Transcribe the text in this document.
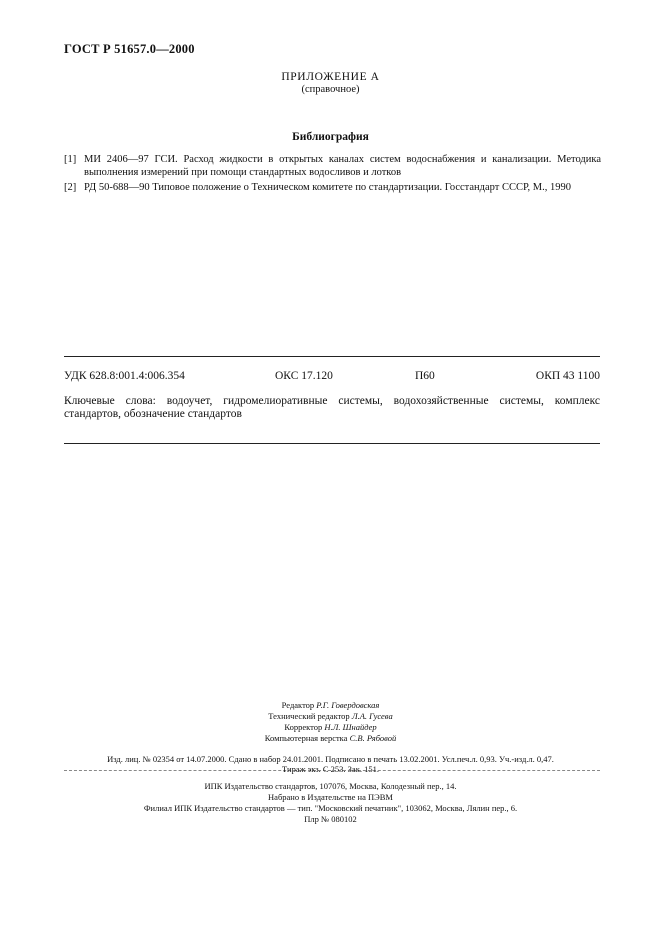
ГОСТ Р 51657.0—2000
ПРИЛОЖЕНИЕ А
(справочное)
Библиография
[1] МИ 2406—97 ГСИ. Расход жидкости в открытых каналах систем водоснабжения и канализации. Методика выполнения измерений при помощи стандартных водосливов и лотков
[2] РД 50-688—90 Типовое положение о Техническом комитете по стандартизации. Госстандарт СССР, М., 1990
УДК 628.8:001.4:006.354	ОКС 17.120	П60	ОКП 43 1100
Ключевые слова: водоучет, гидромелиоративные системы, водохозяйственные системы, комплекс стандартов, обозначение стандартов
Редактор Р.Г. Говердовская
Технический редактор Л.А. Гусева
Корректор Н.Л. Шнайдер
Компьютерная верстка С.В. Рябовой
Изд. лиц. № 02354 от 14.07.2000. Сдано в набор 24.01.2001. Подписано в печать 13.02.2001. Усл.печ.л. 0,93. Уч.-изд.л. 0,47.
Тираж экз. С 253. Зак. 151.
ИПК Издательство стандартов, 107076, Москва, Колодезный пер., 14.
Набрано в Издательстве на ПЭВМ
Филиал ИПК Издательство стандартов — тип. "Московский печатник", 103062, Москва, Лялин пер., 6.
Плр № 080102
